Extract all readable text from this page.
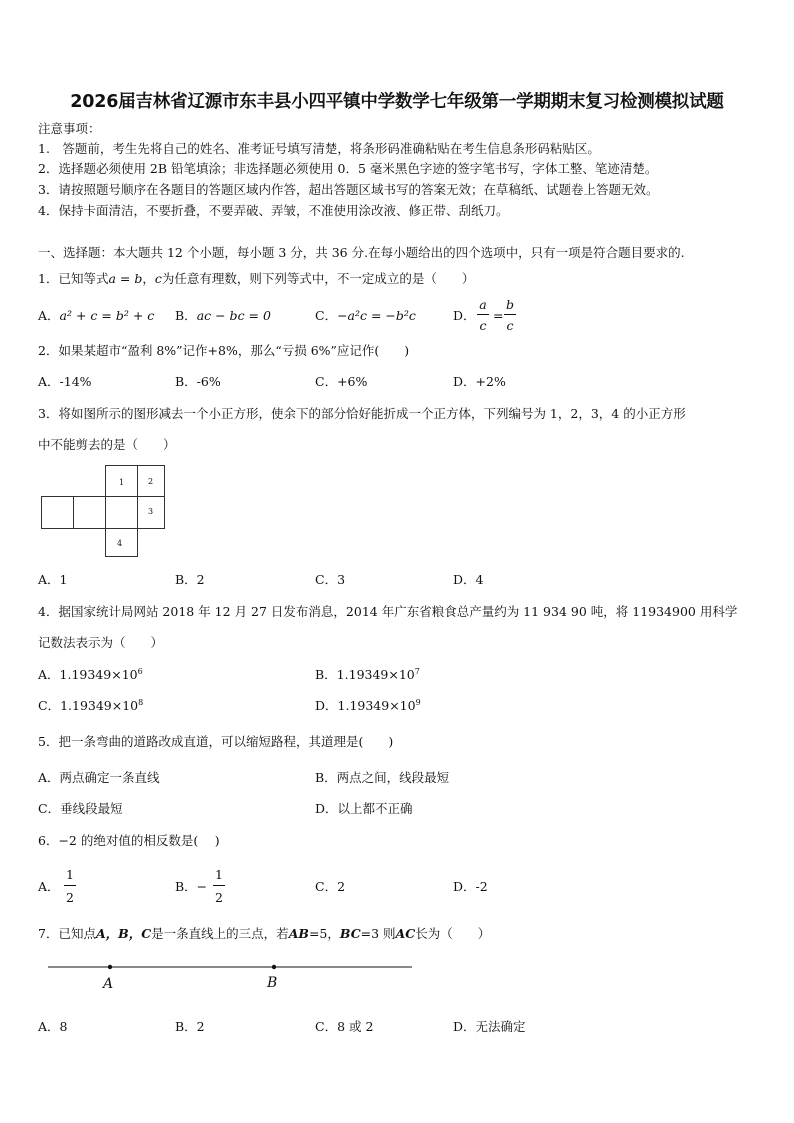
2026届吉林省辽源市东丰县小四平镇中学数学七年级第一学期期末复习检测模拟试题
注意事项：
1.　答题前，考生先将自己的姓名、准考证号填写清楚，将条形码准确粘贴在考生信息条形码粘贴区。
2．选择题必须使用 2B 铅笔填涂；非选择题必须使用 0．5 毫米黑色字迹的签字笔书写，字体工整、笔迹清楚。
3．请按照题号顺序在各题目的答题区域内作答，超出答题区域书写的答案无效；在草稿纸、试题卷上答题无效。
4．保持卡面清洁，不要折叠，不要弄破、弄皱，不准使用涂改液、修正带、刮纸刀。
一、选择题：本大题共 12 个小题，每小题 3 分，共 36 分.在每小题给出的四个选项中，只有一项是符合题目要求的.
1．已知等式a = b，c为任意有理数，则下列等式中，不一定成立的是（　　）
A．a² + c = b² + c B．ac − bc = 0	C．−a²c = −b²c	D．
a
c
=
b
c
2．如果某超市“盈利 8%”记作+8%，那么“亏损 6%”应记作(　　)
A．-14%	B．-6%	C．+6%	D．+2%
3．将如图所示的图形减去一个小正方形，使余下的部分恰好能折成一个正方体，下列编号为 1，2，3，4 的小正方形
中不能剪去的是（　　）
1	2
3
4
A．1	B．2	C．3	D．4
4．据国家统计局网站 2018 年 12 月 27 日发布消息，2014 年广东省粮食总产量约为 11 934 90 吨，将 11934900 用科学
记数法表示为（　　）
A．$1.19349\times 10^6$	B．$1.19349\times 10^7$
C．$1.19349\times 10^8$	D．$1.19349\times 10^9$
5．把一条弯曲的道路改成直道，可以缩短路程，其道理是(　　)
A．两点确定一条直线	B．两点之间，线段最短
C．垂线段最短	D．以上都不正确
6．−2 的绝对值的相反数是(　 )
A．
1
2
B．−
1
2
C．2	D．-2
7．已知点A，B，C是一条直线上的三点，若AB=5，BC=3 则AC长为（　　）
A	B
A．8	B．2	C．8 或 2	D．无法确定
